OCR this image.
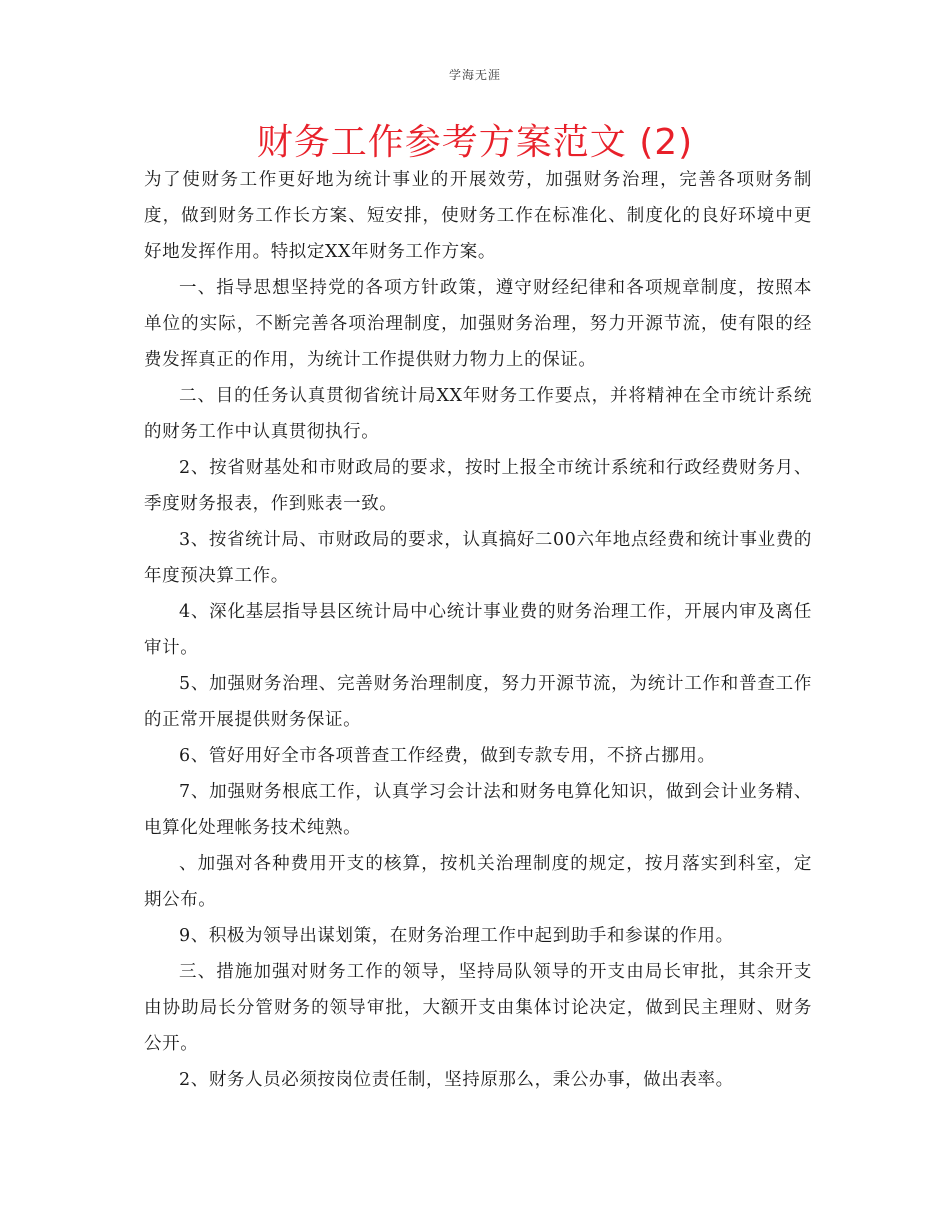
学海无涯
财务工作参考方案范文 (2)

为了使财务工作更好地为统计事业的开展效劳，加强财务治理，完善各项财务制度，做到财务工作长方案、短安排，使财务工作在标准化、制度化的良好环境中更好地发挥作用。特拟定XX年财务工作方案。

一、指导思想坚持党的各项方针政策，遵守财经纪律和各项规章制度，按照本单位的实际，不断完善各项治理制度，加强财务治理，努力开源节流，使有限的经费发挥真正的作用，为统计工作提供财力物力上的保证。

二、目的任务认真贯彻省统计局XX年财务工作要点，并将精神在全市统计系统的财务工作中认真贯彻执行。

2、按省财基处和市财政局的要求，按时上报全市统计系统和行政经费财务月、季度财务报表，作到账表一致。

3、按省统计局、市财政局的要求，认真搞好二00六年地点经费和统计事业费的年度预决算工作。

4、深化基层指导县区统计局中心统计事业费的财务治理工作，开展内审及离任审计。

5、加强财务治理、完善财务治理制度，努力开源节流，为统计工作和普查工作的正常开展提供财务保证。

6、管好用好全市各项普查工作经费，做到专款专用，不挤占挪用。

7、加强财务根底工作，认真学习会计法和财务电算化知识，做到会计业务精、电算化处理帐务技术纯熟。

、加强对各种费用开支的核算，按机关治理制度的规定，按月落实到科室，定期公布。

9、积极为领导出谋划策，在财务治理工作中起到助手和参谋的作用。

三、措施加强对财务工作的领导，坚持局队领导的开支由局长审批，其余开支由协助局长分管财务的领导审批，大额开支由集体讨论决定，做到民主理财、财务公开。

2、财务人员必须按岗位责任制，坚持原那么，秉公办事，做出表率。
